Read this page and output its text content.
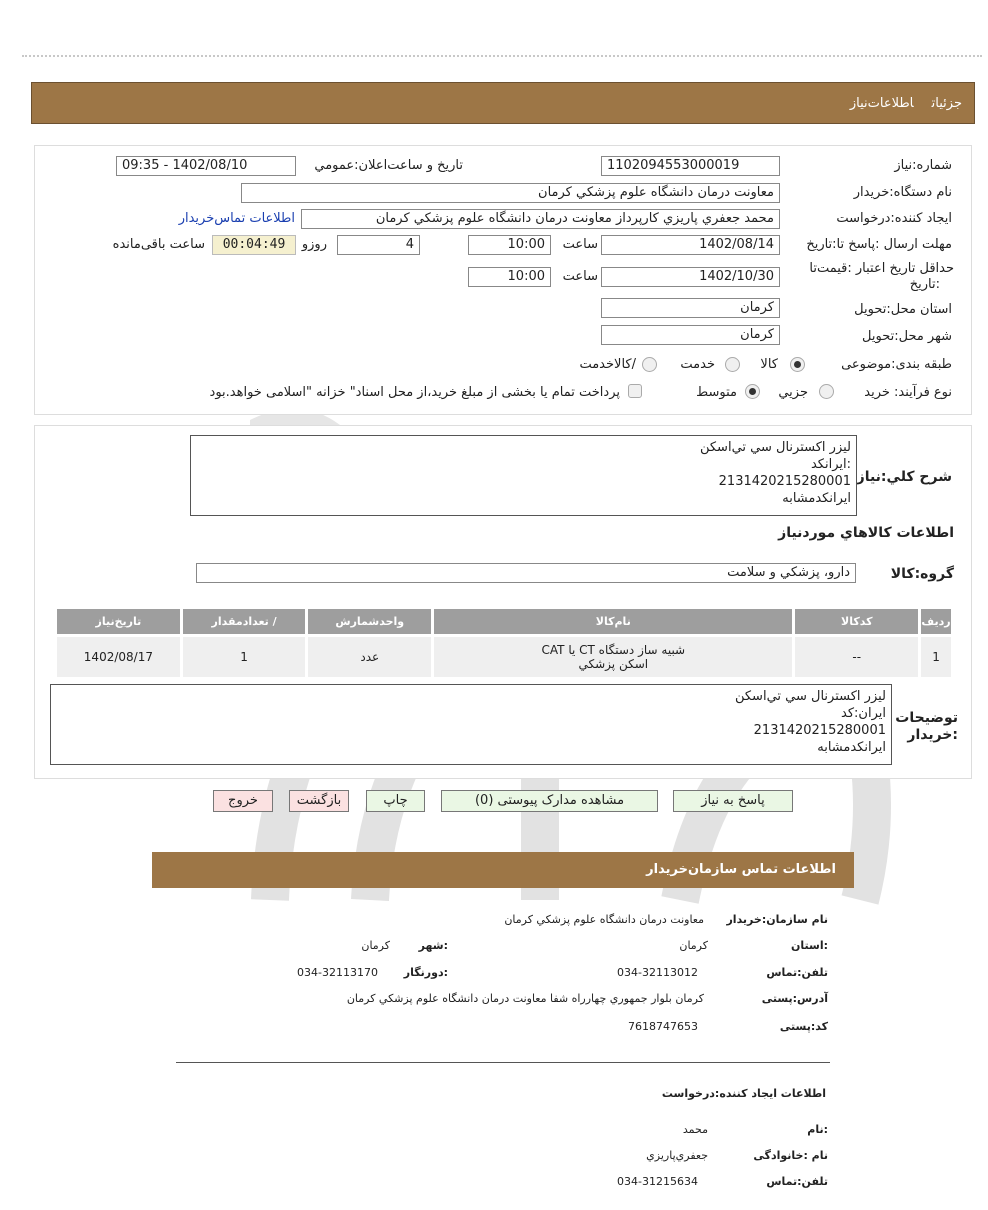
جزئیاتاطلاعات‌نیاز
شماره:نیاز
1102094553000019
تاریخ و ساعت‌اعلان:عمومي
1402/08/10 - 09:35
نام دستگاه:خریدار
معاونت درمان دانشگاه علوم پزشكي كرمان
ایجاد کننده:درخواست
محمد جعفري پاريزي كارپرداز معاونت درمان دانشگاه علوم پزشكي كرمان
اطلاعات تماس‌خریدار
مهلت ارسال :پاسخ تا:تاریخ
1402/08/14
ساعت
10:00
4
روزو
00:04:49
ساعت باقی‌مانده
حداقل تاریخ اعتبار :قیمت‌تا
:تاریخ
1402/10/30
ساعت
10:00
استان محل:تحویل
كرمان
شهر محل:تحویل
كرمان
طبقه بندی:موضوعی
كالا
خدمت
/كالاخدمت
نوع فرآیند: خرید
جزيي
متوسط
پرداخت تمام یا بخشی از مبلغ خرید،از محل اسناد" خزانه "اسلامی خواهد.بود
شرح كلي:نياز
ليزر اكسترنال سي تي‌اسكن
:ايرانكد
2131420215280001
ايرانكدمشابه
اطلاعات كالاهاي موردنياز
گروه:کالا
دارو، پزشكي و سلامت
رديف	كدكالا	نام‌كالا	واحدشمارش	/ تعدادمقدار	تاريخ‌نياز
1	--	شبيه ساز دستگاه CT يا CAT
اسكن پزشكي	عدد	1	1402/08/17
توضیحات
:خریدار
ليزر اكسترنال سي تي‌اسكن
ايران:كد
2131420215280001
ايرانكدمشابه
پاسخ به نیاز
مشاهده مدارک پیوستی (0)
چاپ
بازگشت
خروج
اطلاعات تماس سازمان‌خریدار
نام سازمان:خریدار
معاونت درمان دانشگاه علوم پزشكي كرمان
:استان
كرمان
:شهر
كرمان
تلفن:تماس
034-32113012
:دورنگار
034-32113170
آدرس:پستی
كرمان بلوار جمهوري چهارراه شفا معاونت درمان دانشگاه علوم پزشكي كرمان
کد:پستی
7618747653
اطلاعات ایجاد کننده:درخواست
:نام
محمد
نام :خانوادگی
جعفري‌پاريزي
تلفن:تماس
034-31215634
